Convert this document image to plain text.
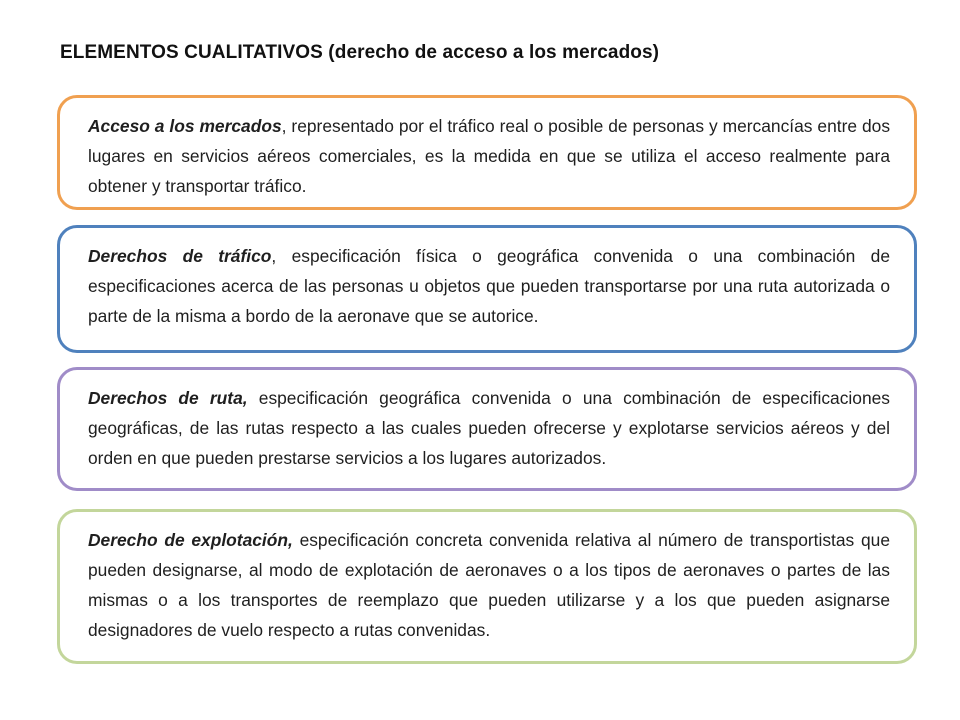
ELEMENTOS CUALITATIVOS (derecho de acceso a los mercados)

Acceso a los mercados, representado por el tráfico real o posible de personas y mercancías entre dos lugares en servicios aéreos comerciales, es la medida en que se utiliza el acceso realmente para obtener y transportar tráfico.

Derechos de tráfico, especificación física o geográfica convenida o una combinación de especificaciones acerca de las personas u objetos que pueden transportarse por una ruta autorizada o parte de la misma a bordo de la aeronave que se autorice.

Derechos de ruta, especificación geográfica convenida o una combinación de especificaciones geográficas, de las rutas respecto a las cuales pueden ofrecerse y explotarse servicios aéreos y del orden en que pueden prestarse servicios a los lugares autorizados.

Derecho de explotación, especificación concreta convenida relativa al número de transportistas que pueden designarse, al modo de explotación de aeronaves o a los tipos de aeronaves o partes de las mismas o a los transportes de reemplazo que pueden utilizarse y a los que pueden asignarse designadores de vuelo respecto a rutas convenidas.
